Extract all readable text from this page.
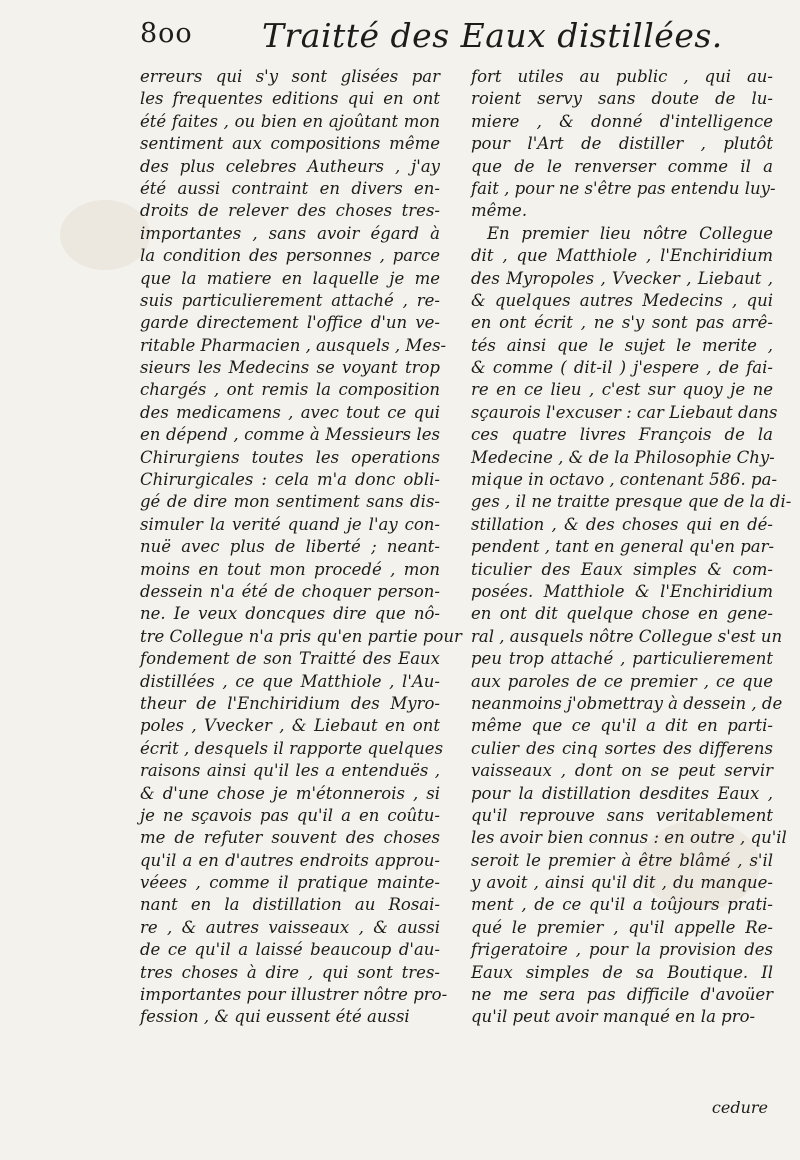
8oo Traitté des Eaux distillées.
erreurs qui s'y sont glisées par
les frequentes editions qui en ont
été faites , ou bien en ajoûtant mon
sentiment aux compositions même
des plus celebres Autheurs , j'ay
été aussi contraint en divers en-
droits de relever des choses tres-
importantes , sans avoir égard à
la condition des personnes , parce
que la matiere en laquelle je me
suis particulierement attaché , re-
garde directement l'office d'un ve-
ritable Pharmacien , ausquels , Mes-
sieurs les Medecins se voyant trop
chargés , ont remis la composition
des medicamens , avec tout ce qui
en dépend , comme à Messieurs les
Chirurgiens toutes les operations
Chirurgicales : cela m'a donc obli-
gé de dire mon sentiment sans dis-
simuler la verité quand je l'ay con-
nuë avec plus de liberté ; neant-
moins en tout mon procedé , mon
dessein n'a été de choquer person-
ne. Ie veux doncques dire que nô-
tre Collegue n'a pris qu'en partie pour
fondement de son Traitté des Eaux
distillées , ce que Matthiole , l'Au-
theur de l'Enchiridium des Myro-
poles , Vvecker , & Liebaut en ont
écrit , desquels il rapporte quelques
raisons ainsi qu'il les a entenduës ,
& d'une chose je m'étonnerois , si
je ne sçavois pas qu'il a en coûtu-
me de refuter souvent des choses
qu'il a en d'autres endroits approu-
véees , comme il pratique mainte-
nant en la distillation au Rosai-
re , & autres vaisseaux , & aussi
de ce qu'il a laissé beaucoup d'au-
tres choses à dire , qui sont tres-
importantes pour illustrer nôtre pro-
fession , & qui eussent été aussi
fort utiles au public , qui au-
roient servy sans doute de lu-
miere , & donné d'intelligence
pour l'Art de distiller , plutôt
que de le renverser comme il a
fait , pour ne s'être pas entendu luy-
même.
En premier lieu nôtre Collegue
dit , que Matthiole , l'Enchiridium
des Myropoles , Vvecker , Liebaut ,
& quelques autres Medecins , qui
en ont écrit , ne s'y sont pas arrê-
tés ainsi que le sujet le merite ,
& comme ( dit-il ) j'espere , de fai-
re en ce lieu , c'est sur quoy je ne
sçaurois l'excuser : car Liebaut dans
ces quatre livres François de la
Medecine , & de la Philosophie Chy-
mique in octavo , contenant 586. pa-
ges , il ne traitte presque que de la di-
stillation , & des choses qui en dé-
pendent , tant en general qu'en par-
ticulier des Eaux simples & com-
posées. Matthiole & l'Enchiridium
en ont dit quelque chose en gene-
ral , ausquels nôtre Collegue s'est un
peu trop attaché , particulierement
aux paroles de ce premier , ce que
neanmoins j'obmettray à dessein , de
même que ce qu'il a dit en parti-
culier des cinq sortes des differens
vaisseaux , dont on se peut servir
pour la distillation desdites Eaux ,
qu'il reprouve sans veritablement
les avoir bien connus : en outre , qu'il
seroit le premier à être blâmé , s'il
y avoit , ainsi qu'il dit , du manque-
ment , de ce qu'il a toûjours prati-
qué le premier , qu'il appelle Re-
frigeratoire , pour la provision des
Eaux simples de sa Boutique. Il
ne me sera pas difficile d'avoüer
qu'il peut avoir manqué en la pro-
cedure
